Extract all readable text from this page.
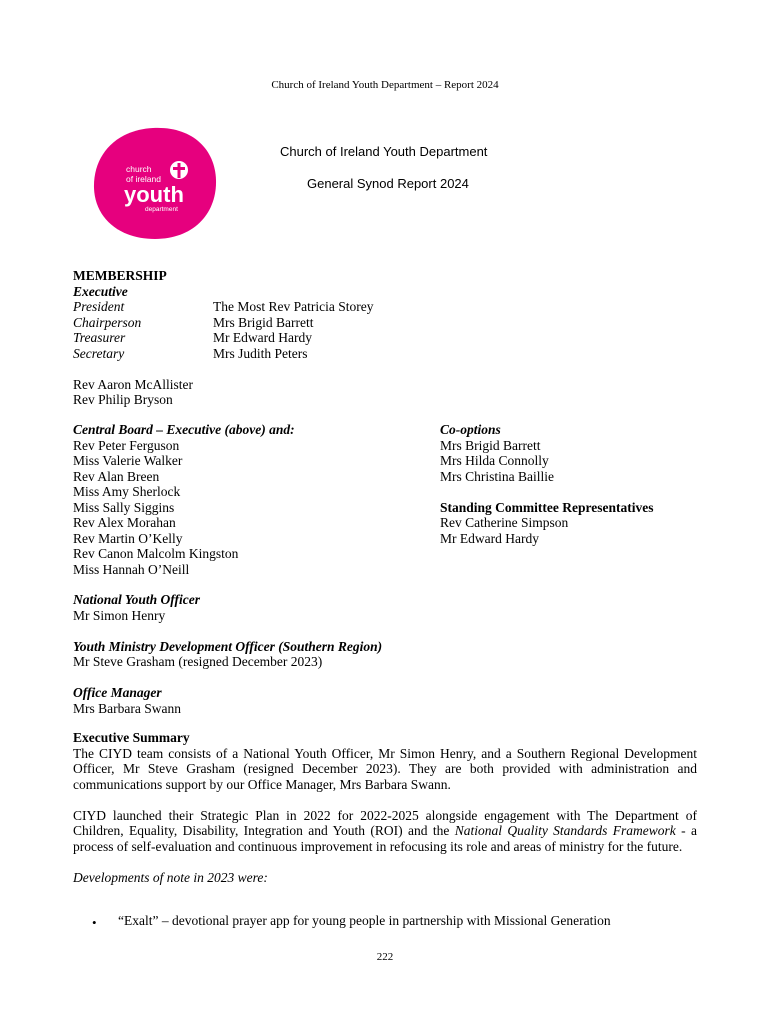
Church of Ireland Youth Department – Report 2024
church
of ireland
youth
department
Church of Ireland Youth Department
General Synod Report 2024
MEMBERSHIP
Executive
President	The Most Rev Patricia Storey
Chairperson	Mrs Brigid Barrett
Treasurer	Mr Edward Hardy
Secretary	Mrs Judith Peters
Rev Aaron McAllister
Rev Philip Bryson
Central Board – Executive (above) and:
Rev Peter Ferguson
Miss Valerie Walker
Rev Alan Breen
Miss Amy Sherlock
Miss Sally Siggins
Rev Alex Morahan
Rev Martin O’Kelly
Rev Canon Malcolm Kingston
Miss Hannah O’Neill
Co-options
Mrs Brigid Barrett
Mrs Hilda Connolly
Mrs Christina Baillie
Standing Committee Representatives
Rev Catherine Simpson
Mr Edward Hardy
National Youth Officer
Mr Simon Henry
Youth Ministry Development Officer (Southern Region)
Mr Steve Grasham (resigned December 2023)
Office Manager
Mrs Barbara Swann
Executive Summary

The CIYD team consists of a National Youth Officer, Mr Simon Henry, and a Southern Regional Development Officer, Mr Steve Grasham (resigned December 2023). They are both provided with administration and communications support by our Office Manager, Mrs Barbara Swann.

CIYD launched their Strategic Plan in 2022 for 2022-2025 alongside engagement with The Department of Children, Equality, Disability, Integration and Youth (ROI) and the National Quality Standards Framework - a process of self-evaluation and continuous improvement in refocusing its role and areas of ministry for the future.

Developments of note in 2023 were:
• “Exalt” – devotional prayer app for young people in partnership with Missional Generation
222
